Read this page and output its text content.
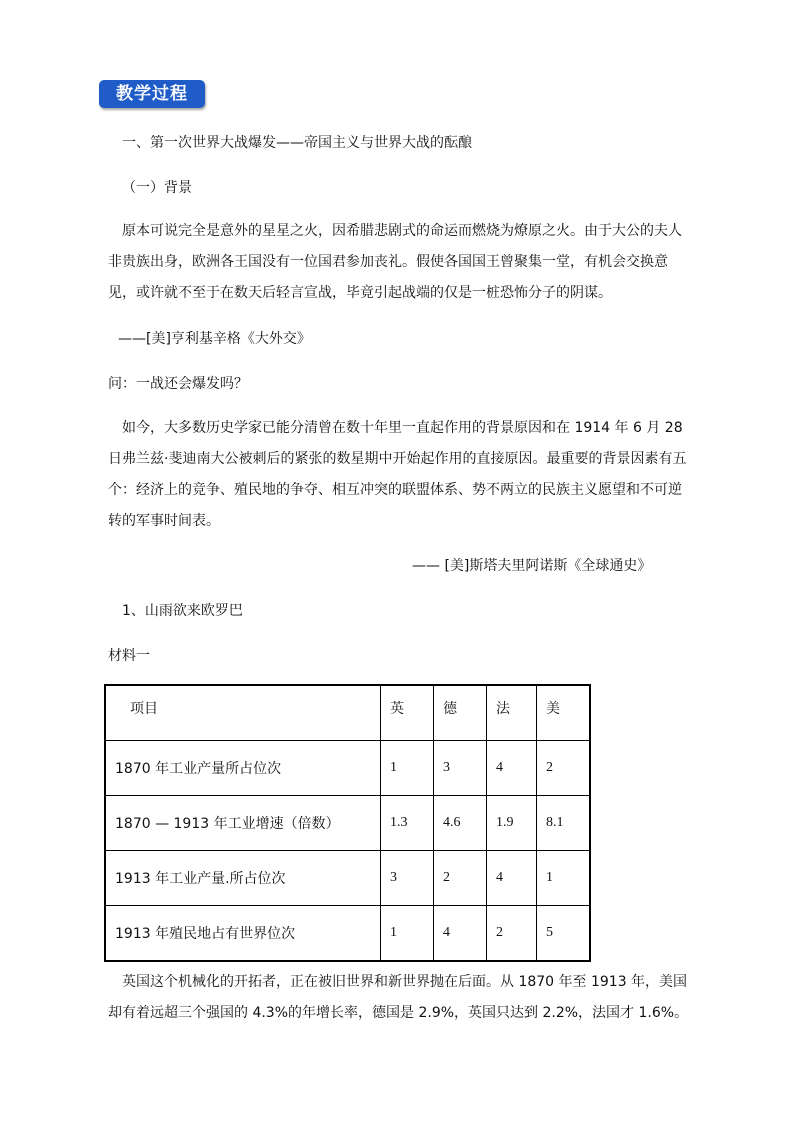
教学过程
一、第一次世界大战爆发——帝国主义与世界大战的酝酿
（一）背景
原本可说完全是意外的星星之火，因希腊悲剧式的命运而燃烧为燎原之火。由于大公的夫人非贵族出身，欧洲各王国没有一位国君参加丧礼。假使各国国王曾聚集一堂，有机会交换意见，或许就不至于在数天后轻言宣战，毕竟引起战端的仅是一桩恐怖分子的阴谋。
——[美]亨利基辛格《大外交》
问：一战还会爆发吗？
如今，大多数历史学家已能分清曾在数十年里一直起作用的背景原因和在 1914 年 6 月 28 日弗兰兹·斐迪南大公被刺后的紧张的数星期中开始起作用的直接原因。最重要的背景因素有五个：经济上的竞争、殖民地的争夺、相互冲突的联盟体系、势不两立的民族主义愿望和不可逆转的军事时间表。
—— [美]斯塔夫里阿诺斯《全球通史》
1、山雨欲来欧罗巴
材料一
项目	英	德	法	美
1870 年工业产量所占位次	1	3	4	2
1870 — 1913 年工业增速（倍数）	1.3	4.6	1.9	8.1
1913 年工业产量.所占位次	3	2	4	1
1913 年殖民地占有世界位次	1	4	2	5
英国这个机械化的开拓者，正在被旧世界和新世界抛在后面。从 1870 年至 1913 年，美国却有着远超三个强国的 4.3%的年增长率，德国是 2.9%，英国只达到 2.2%，法国才 1.6%。
